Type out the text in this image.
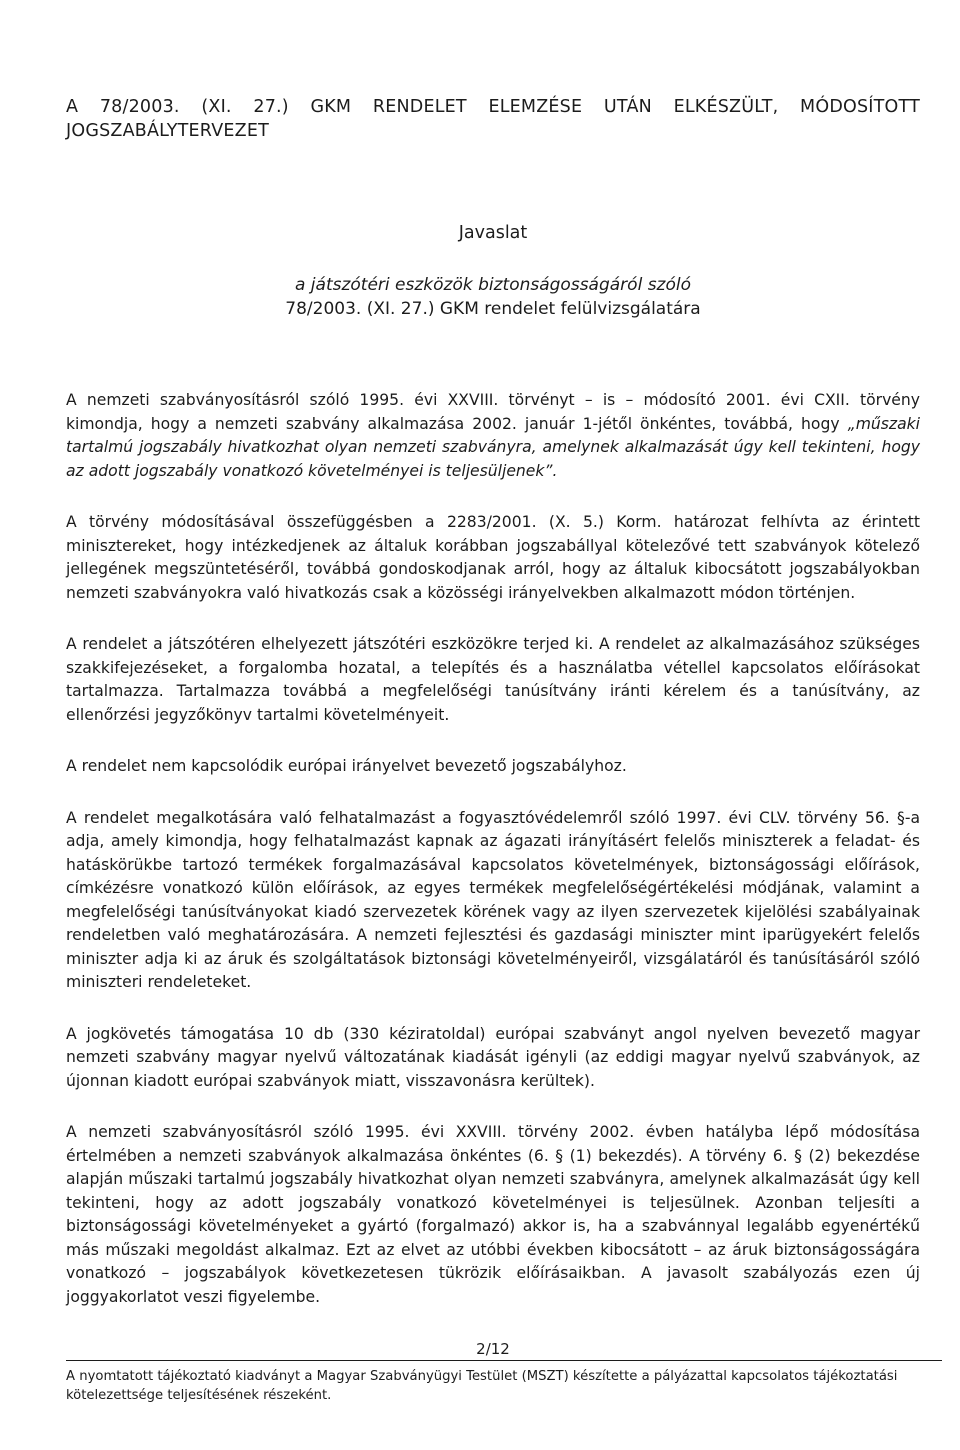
A 78/2003. (XI. 27.) GKM RENDELET ELEMZÉSE UTÁN ELKÉSZÜLT, MÓDOSÍTOTT
JOGSZABÁLYTERVEZET
Javaslat
a játszótéri eszközök biztonságosságáról szóló
78/2003. (XI. 27.) GKM rendelet felülvizsgálatára

A nemzeti szabványosításról szóló 1995. évi XXVIII. törvényt – is – módosító 2001. évi CXII. törvény kimondja, hogy a nemzeti szabvány alkalmazása 2002. január 1-jétől önkéntes, továbbá, hogy „műszaki tartalmú jogszabály hivatkozhat olyan nemzeti szabványra, amelynek alkalmazását úgy kell tekinteni, hogy az adott jogszabály vonatkozó követelményei is teljesüljenek”.

A törvény módosításával összefüggésben a 2283/2001. (X. 5.) Korm. határozat felhívta az érintett minisztereket, hogy intézkedjenek az általuk korábban jogszabállyal kötelezővé tett szabványok kötelező jellegének megszüntetéséről, továbbá gondoskodjanak arról, hogy az általuk kibocsátott jogszabályokban nemzeti szabványokra való hivatkozás csak a közösségi irányelvekben alkalmazott módon történjen.

A rendelet a játszótéren elhelyezett játszótéri eszközökre terjed ki. A rendelet az alkalmazásához szükséges szakkifejezéseket, a forgalomba hozatal, a telepítés és a használatba vétellel kapcsolatos előírásokat tartalmazza. Tartalmazza továbbá a megfelelőségi tanúsítvány iránti kérelem és a tanúsítvány, az ellenőrzési jegyzőkönyv tartalmi követelményeit.

A rendelet nem kapcsolódik európai irányelvet bevezető jogszabályhoz.

A rendelet megalkotására való felhatalmazást a fogyasztóvédelemről szóló 1997. évi CLV. törvény 56. §-a adja, amely kimondja, hogy felhatalmazást kapnak az ágazati irányításért felelős miniszterek a feladat- és hatáskörükbe tartozó termékek forgalmazásával kapcsolatos követelmények, biztonságossági előírások, címkézésre vonatkozó külön előírások, az egyes termékek megfelelőségértékelési módjának, valamint a megfelelőségi tanúsítványokat kiadó szervezetek körének vagy az ilyen szervezetek kijelölési szabályainak rendeletben való meghatározására. A nemzeti fejlesztési és gazdasági miniszter mint iparügyekért felelős miniszter adja ki az áruk és szolgáltatások biztonsági követelményeiről, vizsgálatáról és tanúsításáról szóló miniszteri rendeleteket.

A jogkövetés támogatása 10 db (330 kéziratoldal) európai szabványt angol nyelven bevezető magyar nemzeti szabvány magyar nyelvű változatának kiadását igényli (az eddigi magyar nyelvű szabványok, az újonnan kiadott európai szabványok miatt, visszavonásra kerültek).

A nemzeti szabványosításról szóló 1995. évi XXVIII. törvény 2002. évben hatályba lépő módosítása értelmében a nemzeti szabványok alkalmazása önkéntes (6. § (1) bekezdés). A törvény 6. § (2) bekezdése alapján műszaki tartalmú jogszabály hivatkozhat olyan nemzeti szabványra, amelynek alkalmazását úgy kell tekinteni, hogy az adott jogszabály vonatkozó követelményei is teljesülnek. Azonban teljesíti a biztonságossági követelményeket a gyártó (forgalmazó) akkor is, ha a szabvánnyal legalább egyenértékű más műszaki megoldást alkalmaz. Ezt az elvet az utóbbi években kibocsátott – az áruk biztonságosságára vonatkozó – jogszabályok következetesen tükrözik előírásaikban. A javasolt szabályozás ezen új joggyakorlatot veszi figyelembe.

2/12
A nyomtatott tájékoztató kiadványt a Magyar Szabványügyi Testület (MSZT) készítette a pályázattal kapcsolatos tájékoztatási kötelezettsége teljesítésének részeként.
